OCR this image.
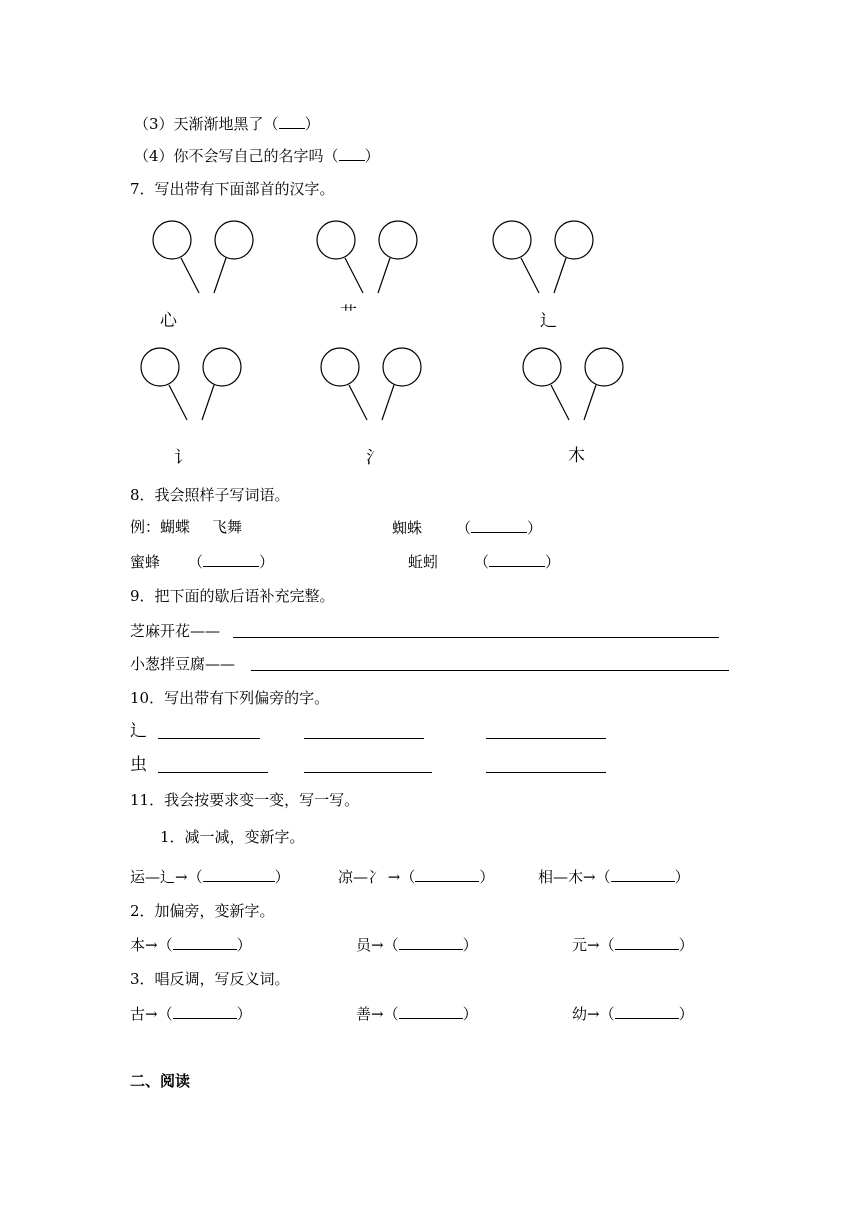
（3）天渐渐地黑了（ ）
（4）你不会写自己的名字吗（ ）
7．写出带有下面部首的汉字。
心	艹	辶
讠	氵	木
8．我会照样子写词语。
例：蝴蝶 飞舞	蜘蛛 （	）
蜜蜂 （	）	蚯蚓 （	）
9．把下面的歇后语补充完整。
芝麻开花——
小葱拌豆腐——
10．写出带有下列偏旁的字。
辶
虫
11．我会按要求变一变，写一写。
1．减一减，变新字。
运—辶→（	）	凉—冫 →（	）	相—木→（	）
2．加偏旁，变新字。
本→（	）	员→（	）	元→（	）
3．唱反调，写反义词。
古→（	）	善→（	）	幼→（	）
二、阅读
